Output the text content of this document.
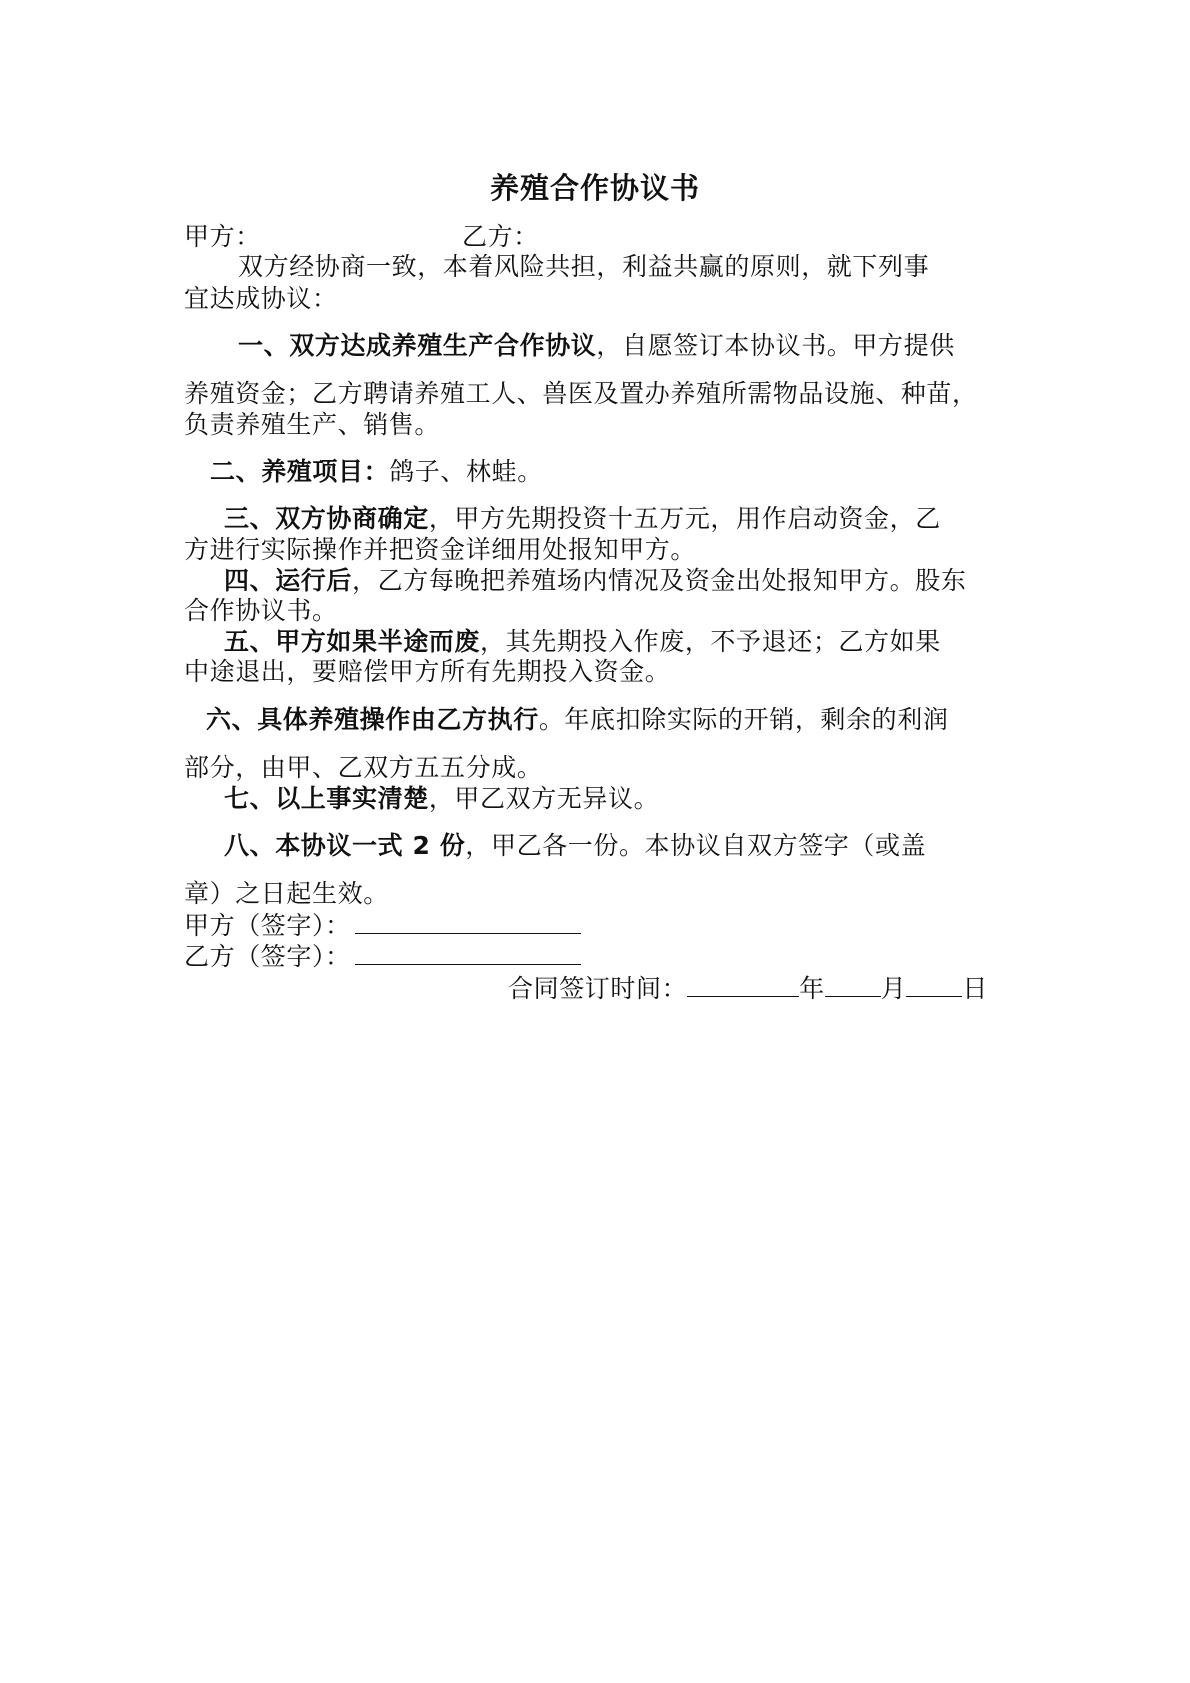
养殖合作协议书
甲方：	乙方：
双方经协商一致，本着风险共担，利益共赢的原则，就下列事
宜达成协议：
一、双方达成养殖生产合作协议，自愿签订本协议书。甲方提供
养殖资金；乙方聘请养殖工人、兽医及置办养殖所需物品设施、种苗，
负责养殖生产、销售。
二、养殖项目：鸽子、林蛙。
三、双方协商确定，甲方先期投资十五万元，用作启动资金，乙
方进行实际操作并把资金详细用处报知甲方。
四、运行后，乙方每晚把养殖场内情况及资金出处报知甲方。股东
合作协议书。
五、甲方如果半途而废，其先期投入作废，不予退还；乙方如果
中途退出，要赔偿甲方所有先期投入资金。
六、具体养殖操作由乙方执行。年底扣除实际的开销，剩余的利润
部分，由甲、乙双方五五分成。
七、以上事实清楚，甲乙双方无异议。
八、本协议一式 2 份，甲乙各一份。本协议自双方签字（或盖
章）之日起生效。
甲方（签字）：
乙方（签字）：
合同签订时间：	年 月 日
